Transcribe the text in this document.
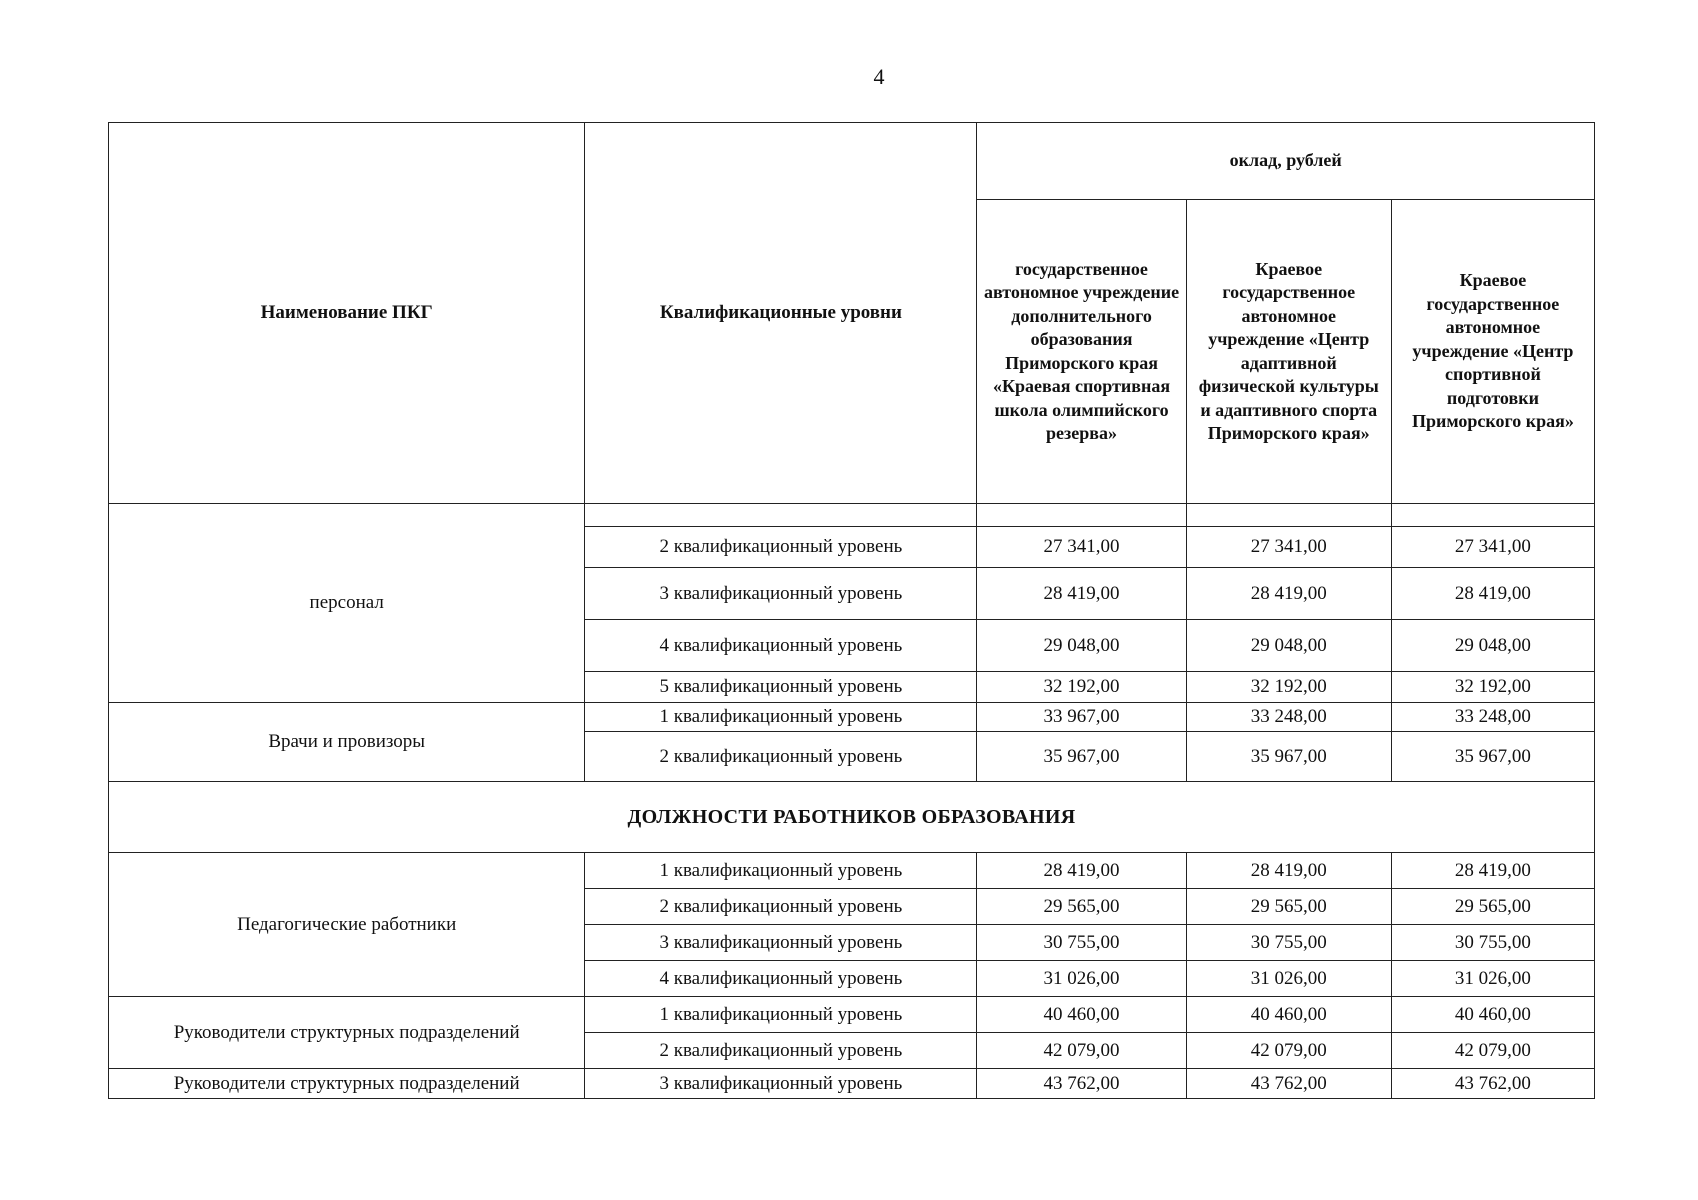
4
Наименование ПКГ	Квалификационные уровни	оклад, рублей		
		государственное автономное учреждение дополнительного образования Приморского края «Краевая спортивная школа олимпийского резерва»	Краевое государственное автономное учреждение «Центр адаптивной физической культуры и адаптивного спорта Приморского края»	Краевое государственное автономное учреждение «Центр спортивной подготовки Приморского края»
персонал				
	2 квалификационный уровень	27 341,00	27 341,00	27 341,00
	3 квалификационный уровень	28 419,00	28 419,00	28 419,00
	4 квалификационный уровень	29 048,00	29 048,00	29 048,00
	5 квалификационный уровень	32 192,00	32 192,00	32 192,00
Врачи и провизоры	1 квалификационный уровень	33 967,00	33 248,00	33 248,00
	2 квалификационный уровень	35 967,00	35 967,00	35 967,00
ДОЛЖНОСТИ РАБОТНИКОВ ОБРАЗОВАНИЯ				
Педагогические работники	1 квалификационный уровень	28 419,00	28 419,00	28 419,00
	2 квалификационный уровень	29 565,00	29 565,00	29 565,00
	3 квалификационный уровень	30 755,00	30 755,00	30 755,00
	4 квалификационный уровень	31 026,00	31 026,00	31 026,00
Руководители структурных подразделений	1 квалификационный уровень	40 460,00	40 460,00	40 460,00
	2 квалификационный уровень	42 079,00	42 079,00	42 079,00
Руководители структурных подразделений	3 квалификационный уровень	43 762,00	43 762,00	43 762,00
